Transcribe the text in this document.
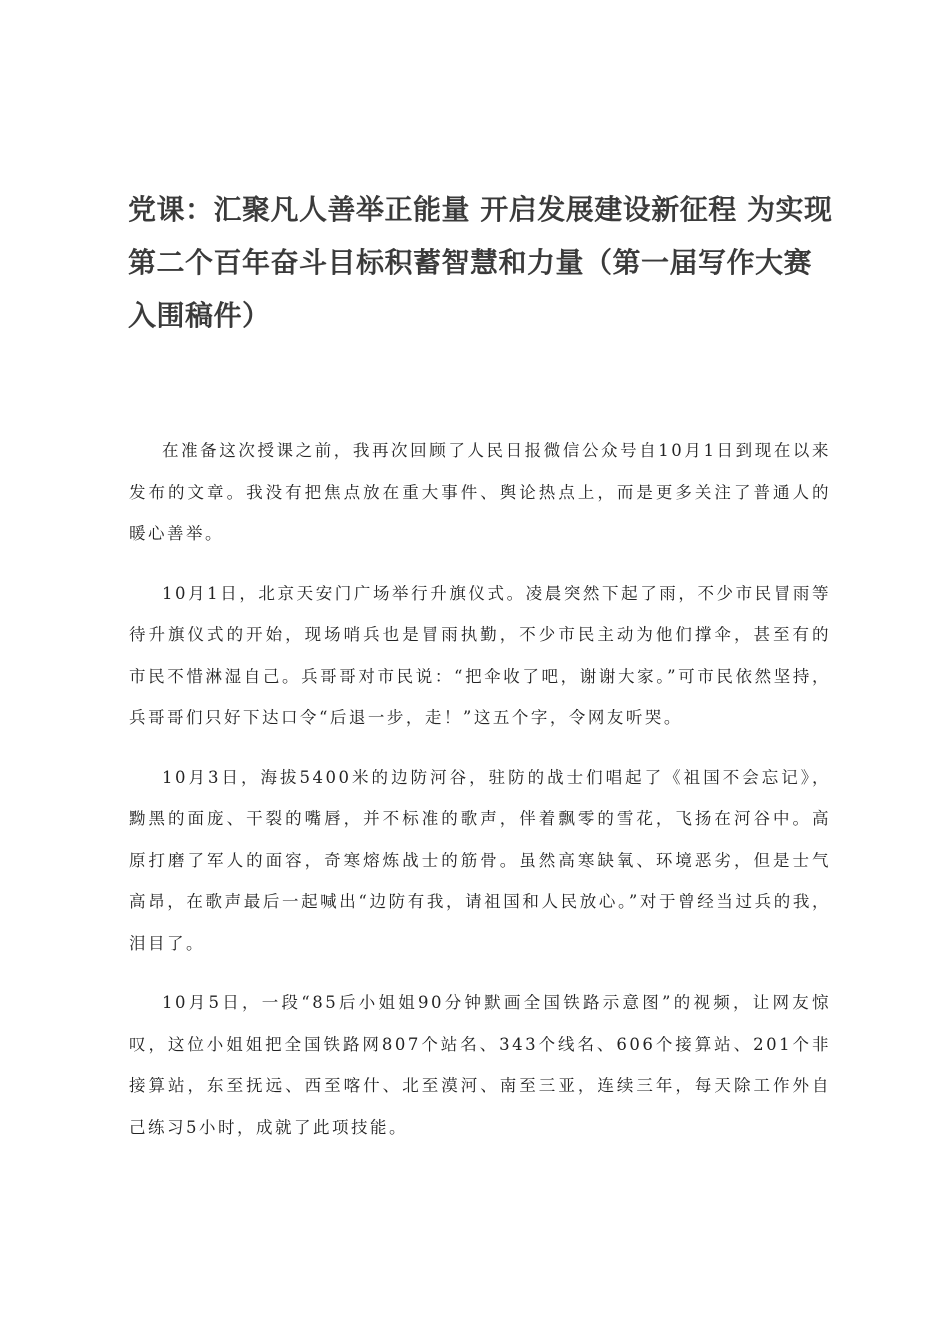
党课：汇聚凡人善举正能量 开启发展建设新征程 为实现第二个百年奋斗目标积蓄智慧和力量（第一届写作大赛入围稿件）

在准备这次授课之前，我再次回顾了人民日报微信公众号自10月1日到现在以来发布的文章。我没有把焦点放在重大事件、舆论热点上，而是更多关注了普通人的暖心善举。

10月1日，北京天安门广场举行升旗仪式。凌晨突然下起了雨，不少市民冒雨等待升旗仪式的开始，现场哨兵也是冒雨执勤，不少市民主动为他们撑伞，甚至有的市民不惜淋湿自己。兵哥哥对市民说：“把伞收了吧，谢谢大家。”可市民依然坚持，兵哥哥们只好下达口令“后退一步，走！”这五个字，令网友听哭。

10月3日，海拔5400米的边防河谷，驻防的战士们唱起了《祖国不会忘记》，黝黑的面庞、干裂的嘴唇，并不标准的歌声，伴着飘零的雪花，飞扬在河谷中。高原打磨了军人的面容，奇寒熔炼战士的筋骨。虽然高寒缺氧、环境恶劣，但是士气高昂，在歌声最后一起喊出“边防有我，请祖国和人民放心。”对于曾经当过兵的我，泪目了。

10月5日，一段“85后小姐姐90分钟默画全国铁路示意图”的视频，让网友惊叹，这位小姐姐把全国铁路网807个站名、343个线名、606个接算站、201个非接算站，东至抚远、西至喀什、北至漠河、南至三亚，连续三年，每天除工作外自己练习5小时，成就了此项技能。
